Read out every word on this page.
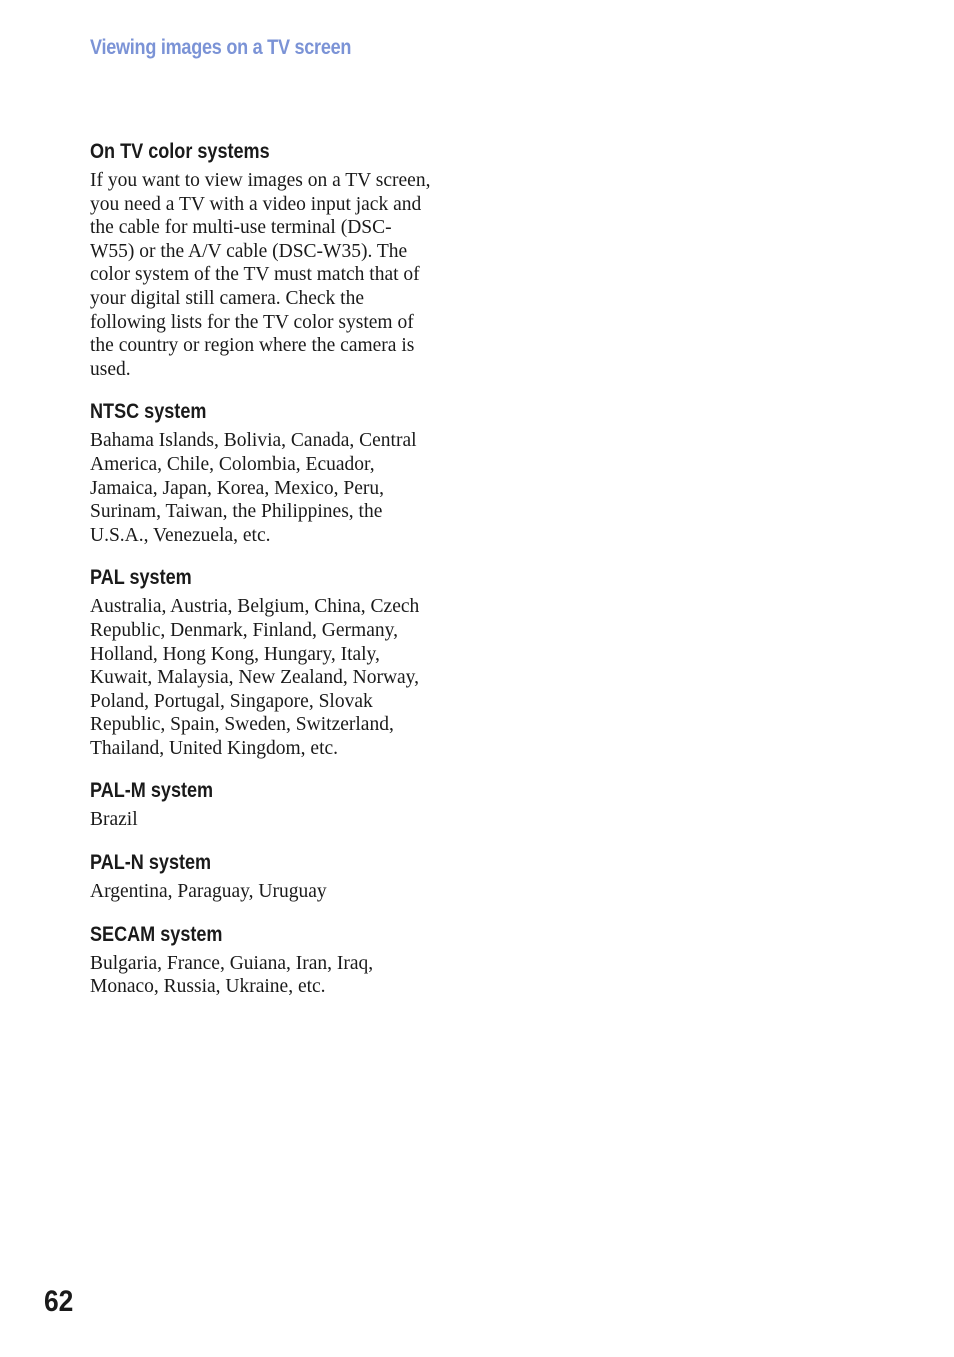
Viewing images on a TV screen
On TV color systems
If you want to view images on a TV screen,
you need a TV with a video input jack and
the cable for multi-use terminal (DSC-
W55) or the A/V cable (DSC-W35). The
color system of the TV must match that of
your digital still camera. Check the
following lists for the TV color system of
the country or region where the camera is
used.
NTSC system
Bahama Islands, Bolivia, Canada, Central
America, Chile, Colombia, Ecuador,
Jamaica, Japan, Korea, Mexico, Peru,
Surinam, Taiwan, the Philippines, the
U.S.A., Venezuela, etc.
PAL system
Australia, Austria, Belgium, China, Czech
Republic, Denmark, Finland, Germany,
Holland, Hong Kong, Hungary, Italy,
Kuwait, Malaysia, New Zealand, Norway,
Poland, Portugal, Singapore, Slovak
Republic, Spain, Sweden, Switzerland,
Thailand, United Kingdom, etc.
PAL-M system
Brazil
PAL-N system
Argentina, Paraguay, Uruguay
SECAM system
Bulgaria, France, Guiana, Iran, Iraq,
Monaco, Russia, Ukraine, etc.
62
